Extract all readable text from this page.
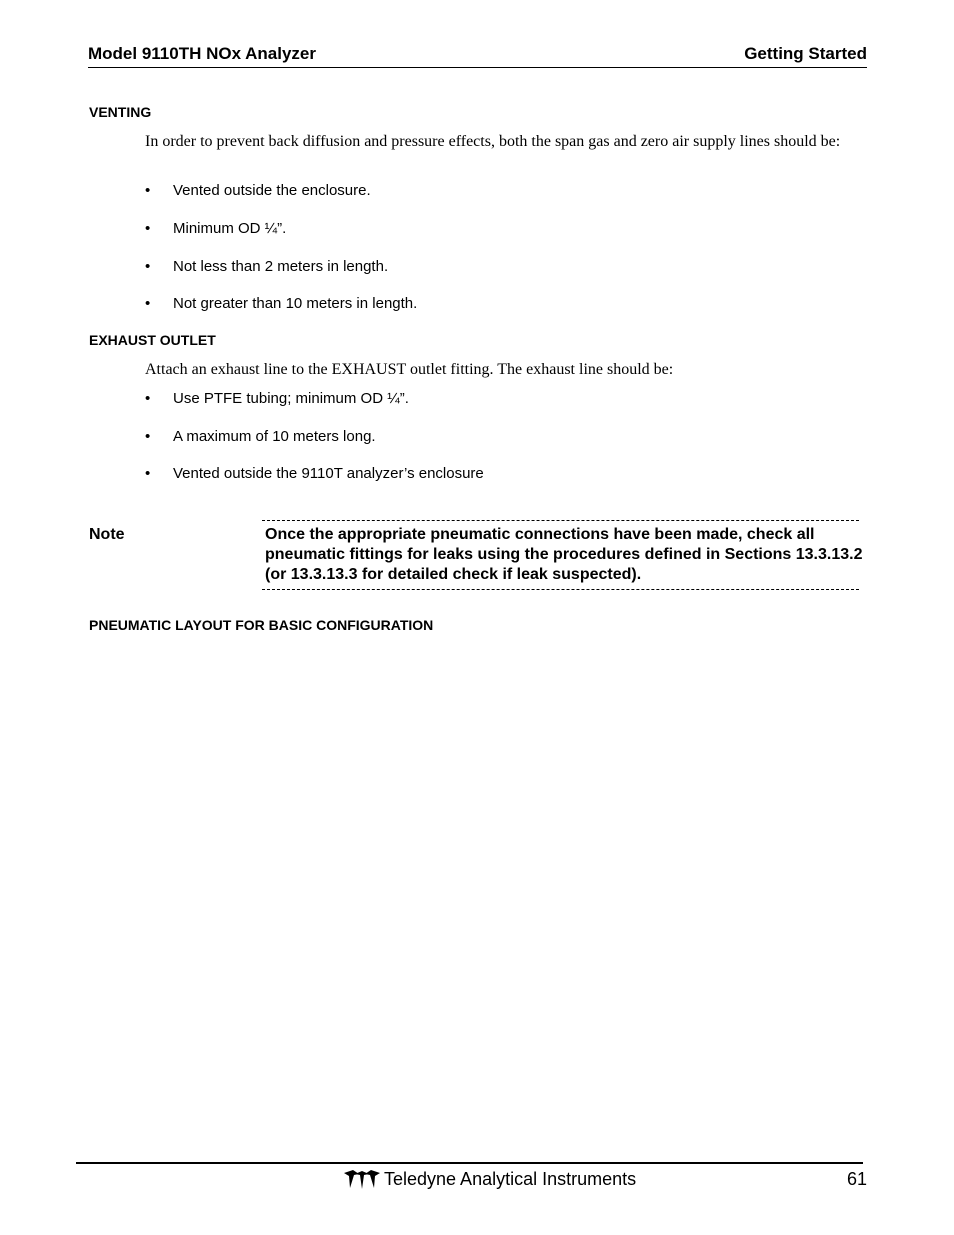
Model 9110TH NOx Analyzer	Getting Started
VENTING
In order to prevent back diffusion and pressure effects, both the span gas and zero air supply lines should be:
• Vented outside the enclosure.
• Minimum OD ¼”.
• Not less than 2 meters in length.
• Not greater than 10 meters in length.
EXHAUST OUTLET
Attach an exhaust line to the EXHAUST outlet fitting. The exhaust line should be:
• Use PTFE tubing; minimum OD ¼”.
• A maximum of 10 meters long.
• Vented outside the 9110T analyzer’s enclosure
Note	Once the appropriate pneumatic connections have been made, check all pneumatic fittings for leaks using the procedures defined in Sections 13.3.13.2 (or 13.3.13.3 for detailed check if leak suspected).
PNEUMATIC LAYOUT FOR BASIC CONFIGURATION
Teledyne Analytical Instruments	61
